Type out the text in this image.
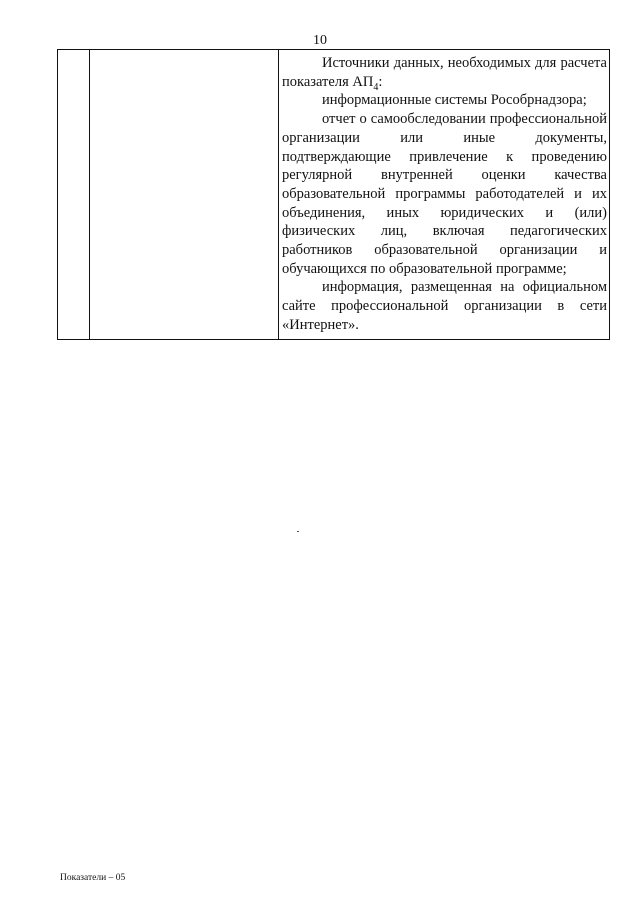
10

Источники данных, необходимых для расчета показателя $АП_4$:

информационные системы Рособрнадзора;

отчет о самообследовании профессиональной организации или иные документы, подтверждающие привлечение к проведению регулярной внутренней оценки качества образовательной программы работодателей и их объединения, иных юридических и (или) физических лиц, включая педагогических работников образовательной организации и обучающихся по образовательной программе;

информация, размещенная на официальном сайте профессиональной организации в сети «Интернет».

Показатели – 05
